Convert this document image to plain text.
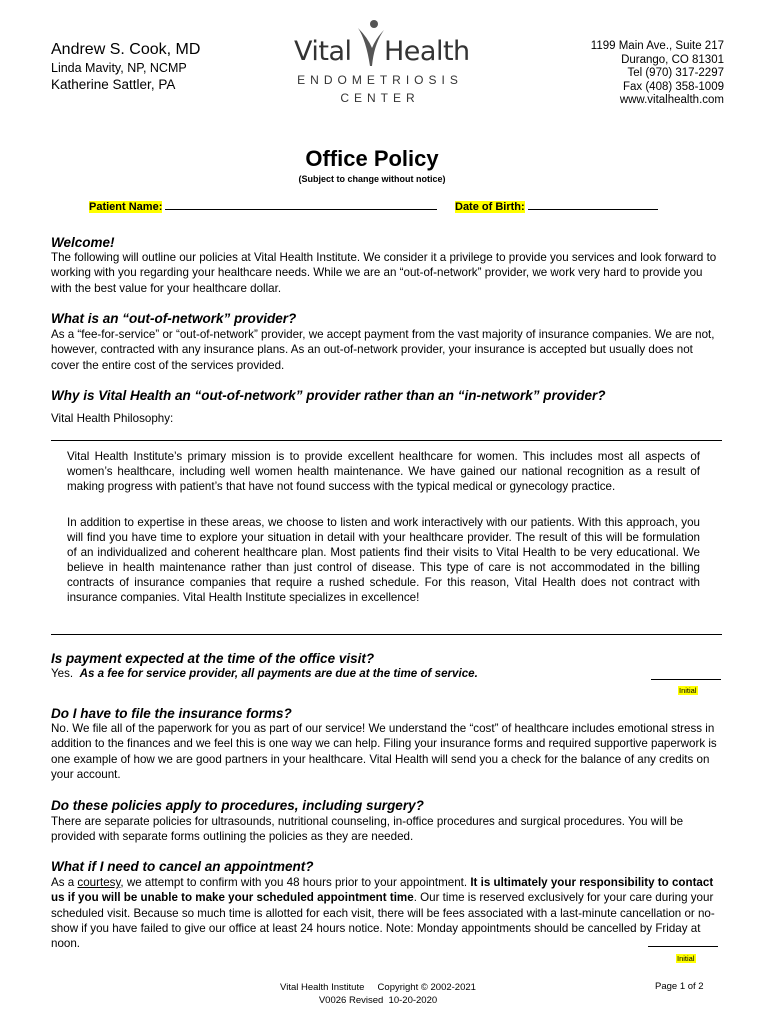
Andrew S. Cook, MD
Linda Mavity, NP, NCMP
Katherine Sattler, PA
Vital Health
ENDOMETRIOSIS
CENTER
1199 Main Ave., Suite 217
Durango, CO 81301
Tel (970) 317-2297
Fax (408) 358-1009
www.vitalhealth.com
Office Policy
(Subject to change without notice)
Patient Name:	Date of Birth:
Welcome!
The following will outline our policies at Vital Health Institute. We consider it a privilege to provide you services and look forward to working with you regarding your healthcare needs. While we are an “out-of-network” provider, we work very hard to provide you with the best value for your healthcare dollar.
What is an “out-of-network” provider?
As a “fee-for-service” or “out-of-network” provider, we accept payment from the vast majority of insurance companies. We are not, however, contracted with any insurance plans. As an out-of-network provider, your insurance is accepted but usually does not cover the entire cost of the services provided.
Why is Vital Health an “out-of-network” provider rather than an “in-network” provider?
Vital Health Philosophy:
Vital Health Institute’s primary mission is to provide excellent healthcare for women. This includes most all aspects of women’s healthcare, including well women health maintenance. We have gained our national recognition as a result of making progress with patient’s that have not found success with the typical medical or gynecology practice.
In addition to expertise in these areas, we choose to listen and work interactively with our patients. With this approach, you will find you have time to explore your situation in detail with your healthcare provider. The result of this will be formulation of an individualized and coherent healthcare plan. Most patients find their visits to Vital Health to be very educational. We believe in health maintenance rather than just control of disease. This type of care is not accommodated in the billing contracts of insurance companies that require a rushed schedule. For this reason, Vital Health does not contract with insurance companies. Vital Health Institute specializes in excellence!
Is payment expected at the time of the office visit?
Yes. As a fee for service provider, all payments are due at the time of service.
Initial
Do I have to file the insurance forms?
No. We file all of the paperwork for you as part of our service! We understand the “cost” of healthcare includes emotional stress in addition to the finances and we feel this is one way we can help. Filing your insurance forms and required supportive paperwork is one example of how we are good partners in your healthcare. Vital Health will send you a check for the balance of any credits on your account.
Do these policies apply to procedures, including surgery?
There are separate policies for ultrasounds, nutritional counseling, in-office procedures and surgical procedures. You will be provided with separate forms outlining the policies as they are needed.
What if I need to cancel an appointment?
As a courtesy, we attempt to confirm with you 48 hours prior to your appointment. It is ultimately your responsibility to contact us if you will be unable to make your scheduled appointment time. Our time is reserved exclusively for your care during your scheduled visit. Because so much time is allotted for each visit, there will be fees associated with a last-minute cancellation or no-show if you have failed to give our office at least 24 hours notice. Note: Monday appointments should be cancelled by Friday at noon.
Initial
Vital Health Institute     Copyright © 2002-2021
V0026 Revised  10-20-2020
Page 1 of 2
